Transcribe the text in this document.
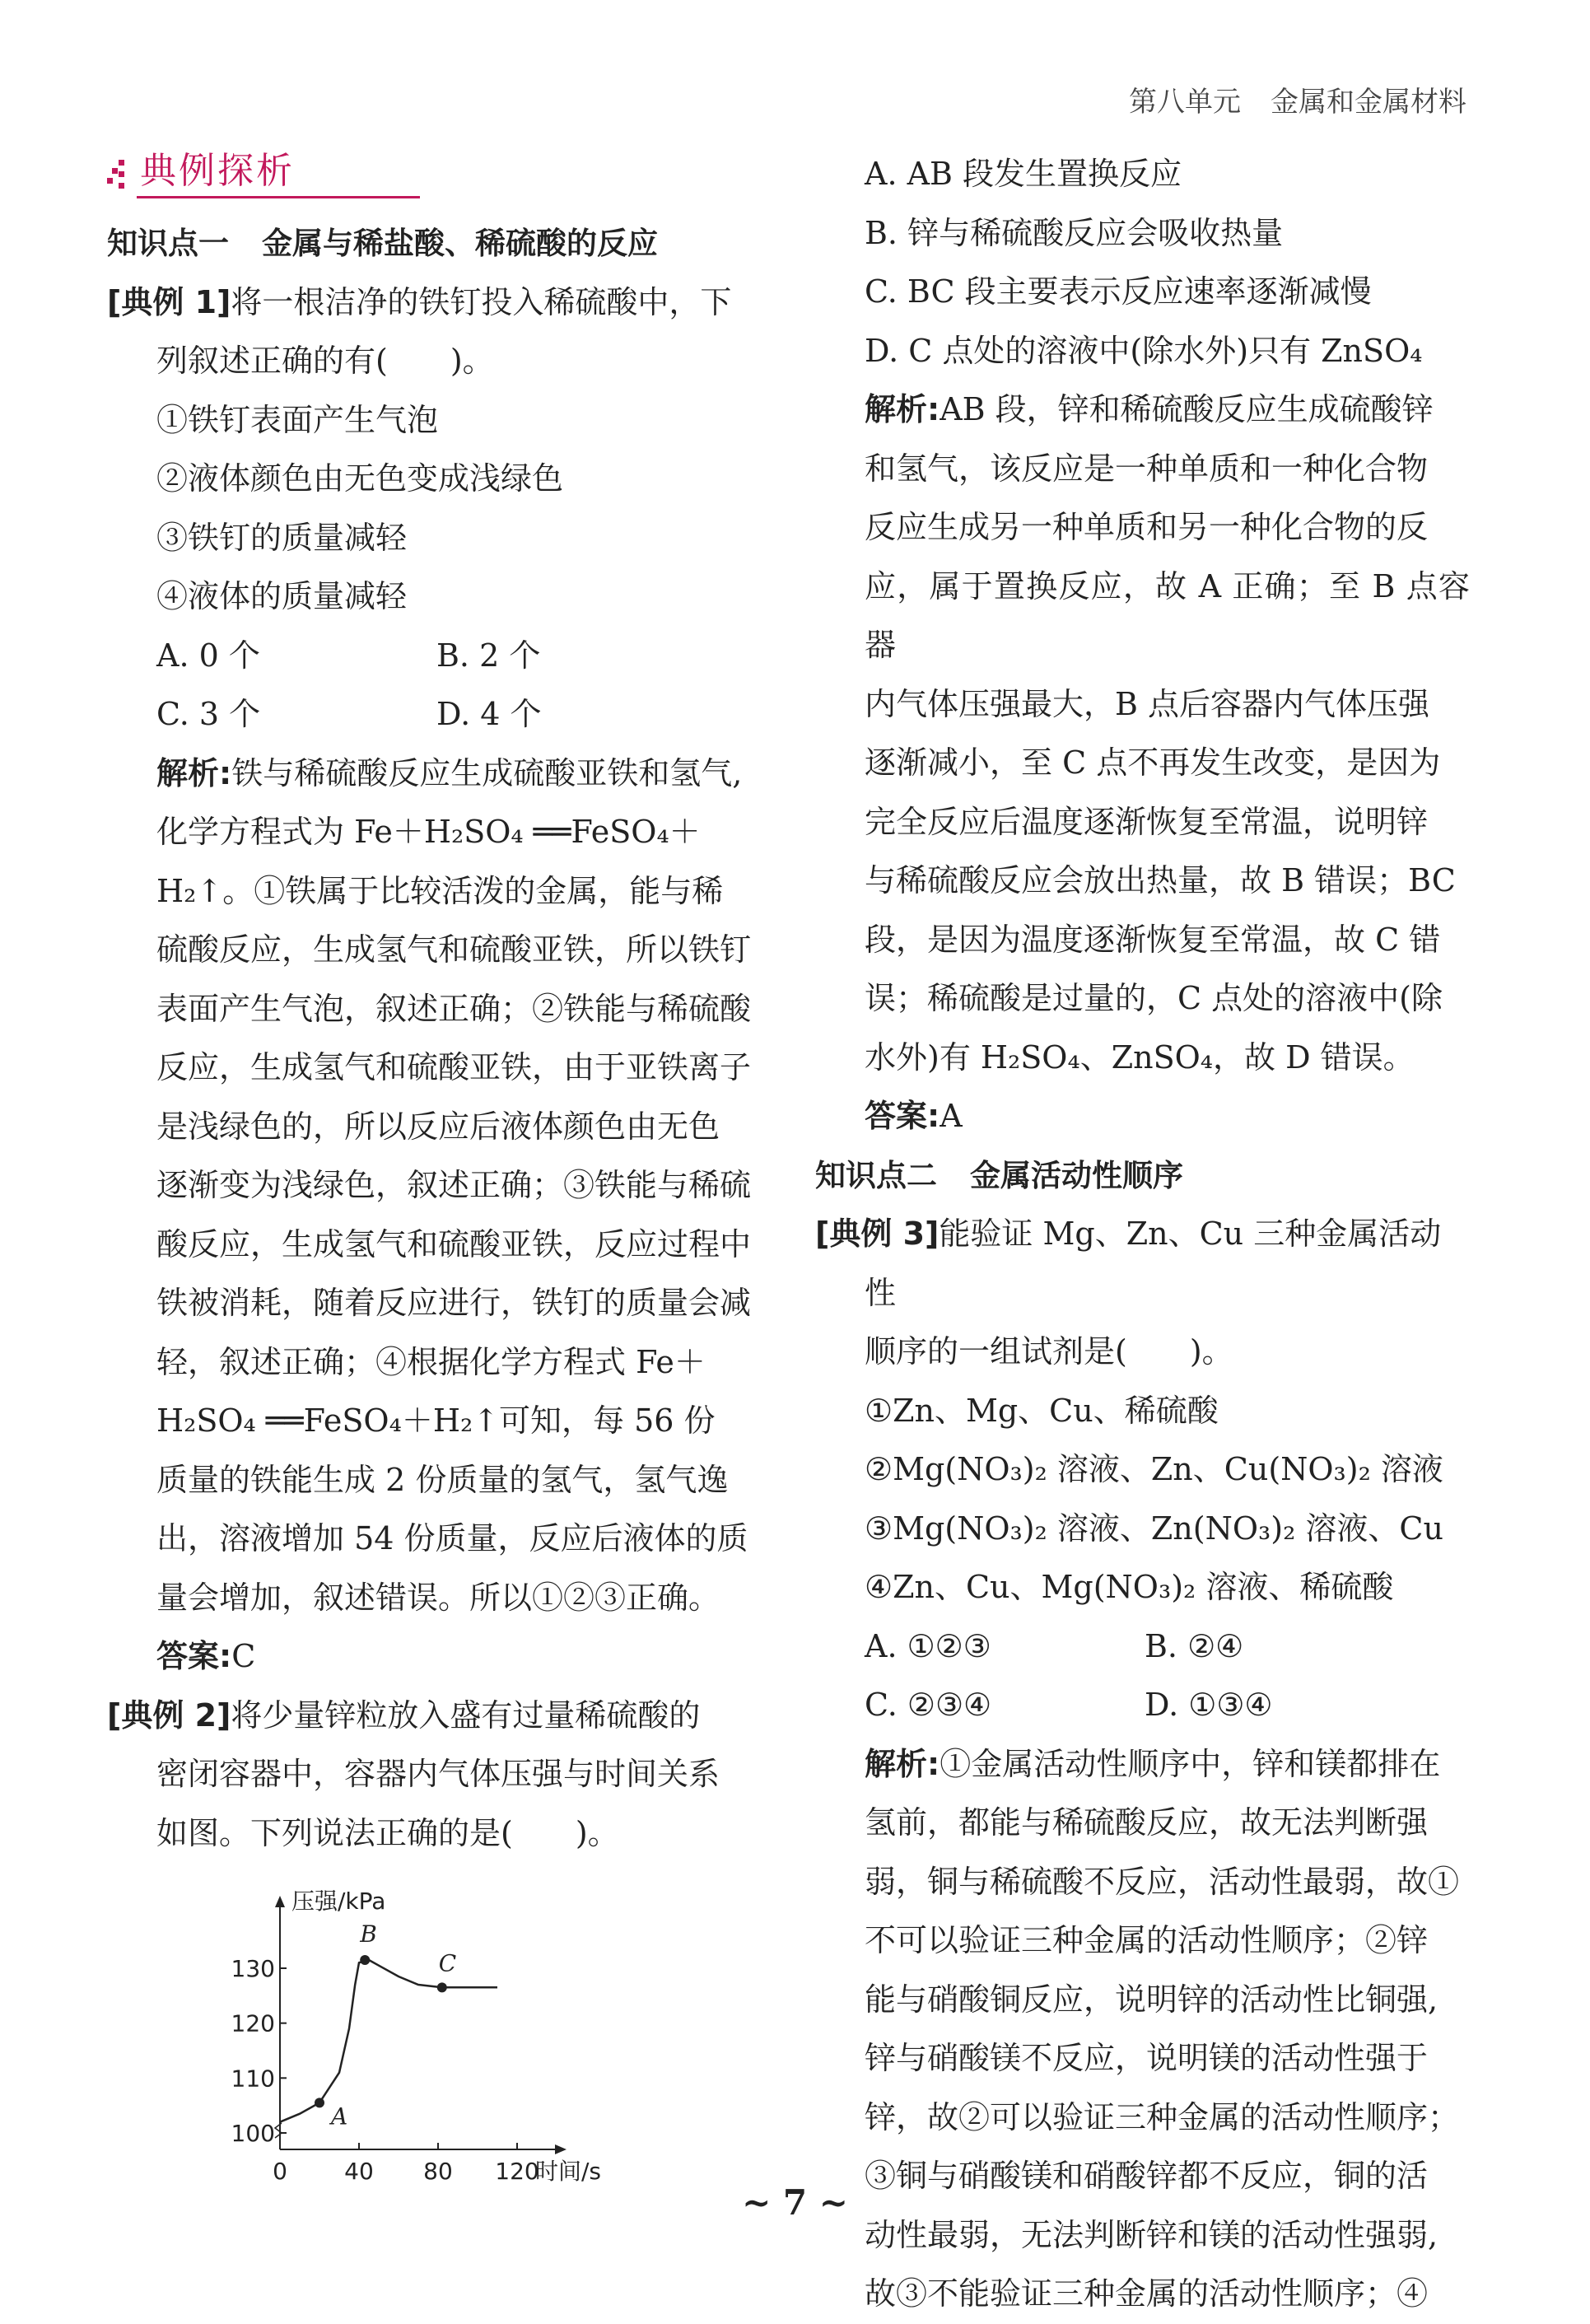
第八单元 金属和金属材料
典例探析
知识点一 金属与稀盐酸、稀硫酸的反应
[典例 1]将一根洁净的铁钉投入稀硫酸中，下
列叙述正确的有(　　)。
①铁钉表面产生气泡
②液体颜色由无色变成浅绿色
③铁钉的质量减轻
④液体的质量减轻
A. 0 个	B. 2 个
C. 3 个	D. 4 个
解析:铁与稀硫酸反应生成硫酸亚铁和氢气,
化学方程式为 Fe＋H₂SO₄ ══FeSO₄＋
H₂↑。①铁属于比较活泼的金属，能与稀
硫酸反应，生成氢气和硫酸亚铁，所以铁钉
表面产生气泡，叙述正确；②铁能与稀硫酸
反应，生成氢气和硫酸亚铁，由于亚铁离子
是浅绿色的，所以反应后液体颜色由无色
逐渐变为浅绿色，叙述正确；③铁能与稀硫
酸反应，生成氢气和硫酸亚铁，反应过程中
铁被消耗，随着反应进行，铁钉的质量会减
轻，叙述正确；④根据化学方程式 Fe＋
H₂SO₄ ══FeSO₄＋H₂↑可知，每 56 份
质量的铁能生成 2 份质量的氢气，氢气逸
出，溶液增加 54 份质量，反应后液体的质
量会增加，叙述错误。所以①②③正确。
答案:C
[典例 2]将少量锌粒放入盛有过量稀硫酸的
密闭容器中，容器内气体压强与时间关系
如图。下列说法正确的是(　　)。
0 40 80 120
100
110
120
130
A
B
C
压强/kPa
时间/s
A. AB 段发生置换反应
B. 锌与稀硫酸反应会吸收热量
C. BC 段主要表示反应速率逐渐减慢
D. C 点处的溶液中(除水外)只有 ZnSO₄
解析:AB 段，锌和稀硫酸反应生成硫酸锌
和氢气，该反应是一种单质和一种化合物
反应生成另一种单质和另一种化合物的反
应，属于置换反应，故 A 正确；至 B 点容器
内气体压强最大，B 点后容器内气体压强
逐渐减小，至 C 点不再发生改变，是因为
完全反应后温度逐渐恢复至常温，说明锌
与稀硫酸反应会放出热量，故 B 错误；BC
段，是因为温度逐渐恢复至常温，故 C 错
误；稀硫酸是过量的，C 点处的溶液中(除
水外)有 H₂SO₄、ZnSO₄，故 D 错误。
答案:A
知识点二 金属活动性顺序
[典例 3]能验证 Mg、Zn、Cu 三种金属活动性
顺序的一组试剂是(　　)。
①Zn、Mg、Cu、稀硫酸
②Mg(NO₃)₂ 溶液、Zn、Cu(NO₃)₂ 溶液
③Mg(NO₃)₂ 溶液、Zn(NO₃)₂ 溶液、Cu
④Zn、Cu、Mg(NO₃)₂ 溶液、稀硫酸
A. ①②③	B. ②④
C. ②③④	D. ①③④
解析:①金属活动性顺序中，锌和镁都排在
氢前，都能与稀硫酸反应，故无法判断强
弱，铜与稀硫酸不反应，活动性最弱，故①
不可以验证三种金属的活动性顺序；②锌
能与硝酸铜反应，说明锌的活动性比铜强,
锌与硝酸镁不反应，说明镁的活动性强于
锌，故②可以验证三种金属的活动性顺序；
③铜与硝酸镁和硝酸锌都不反应，铜的活
动性最弱，无法判断锌和镁的活动性强弱,
故③不能验证三种金属的活动性顺序；④
~ 7 ~
